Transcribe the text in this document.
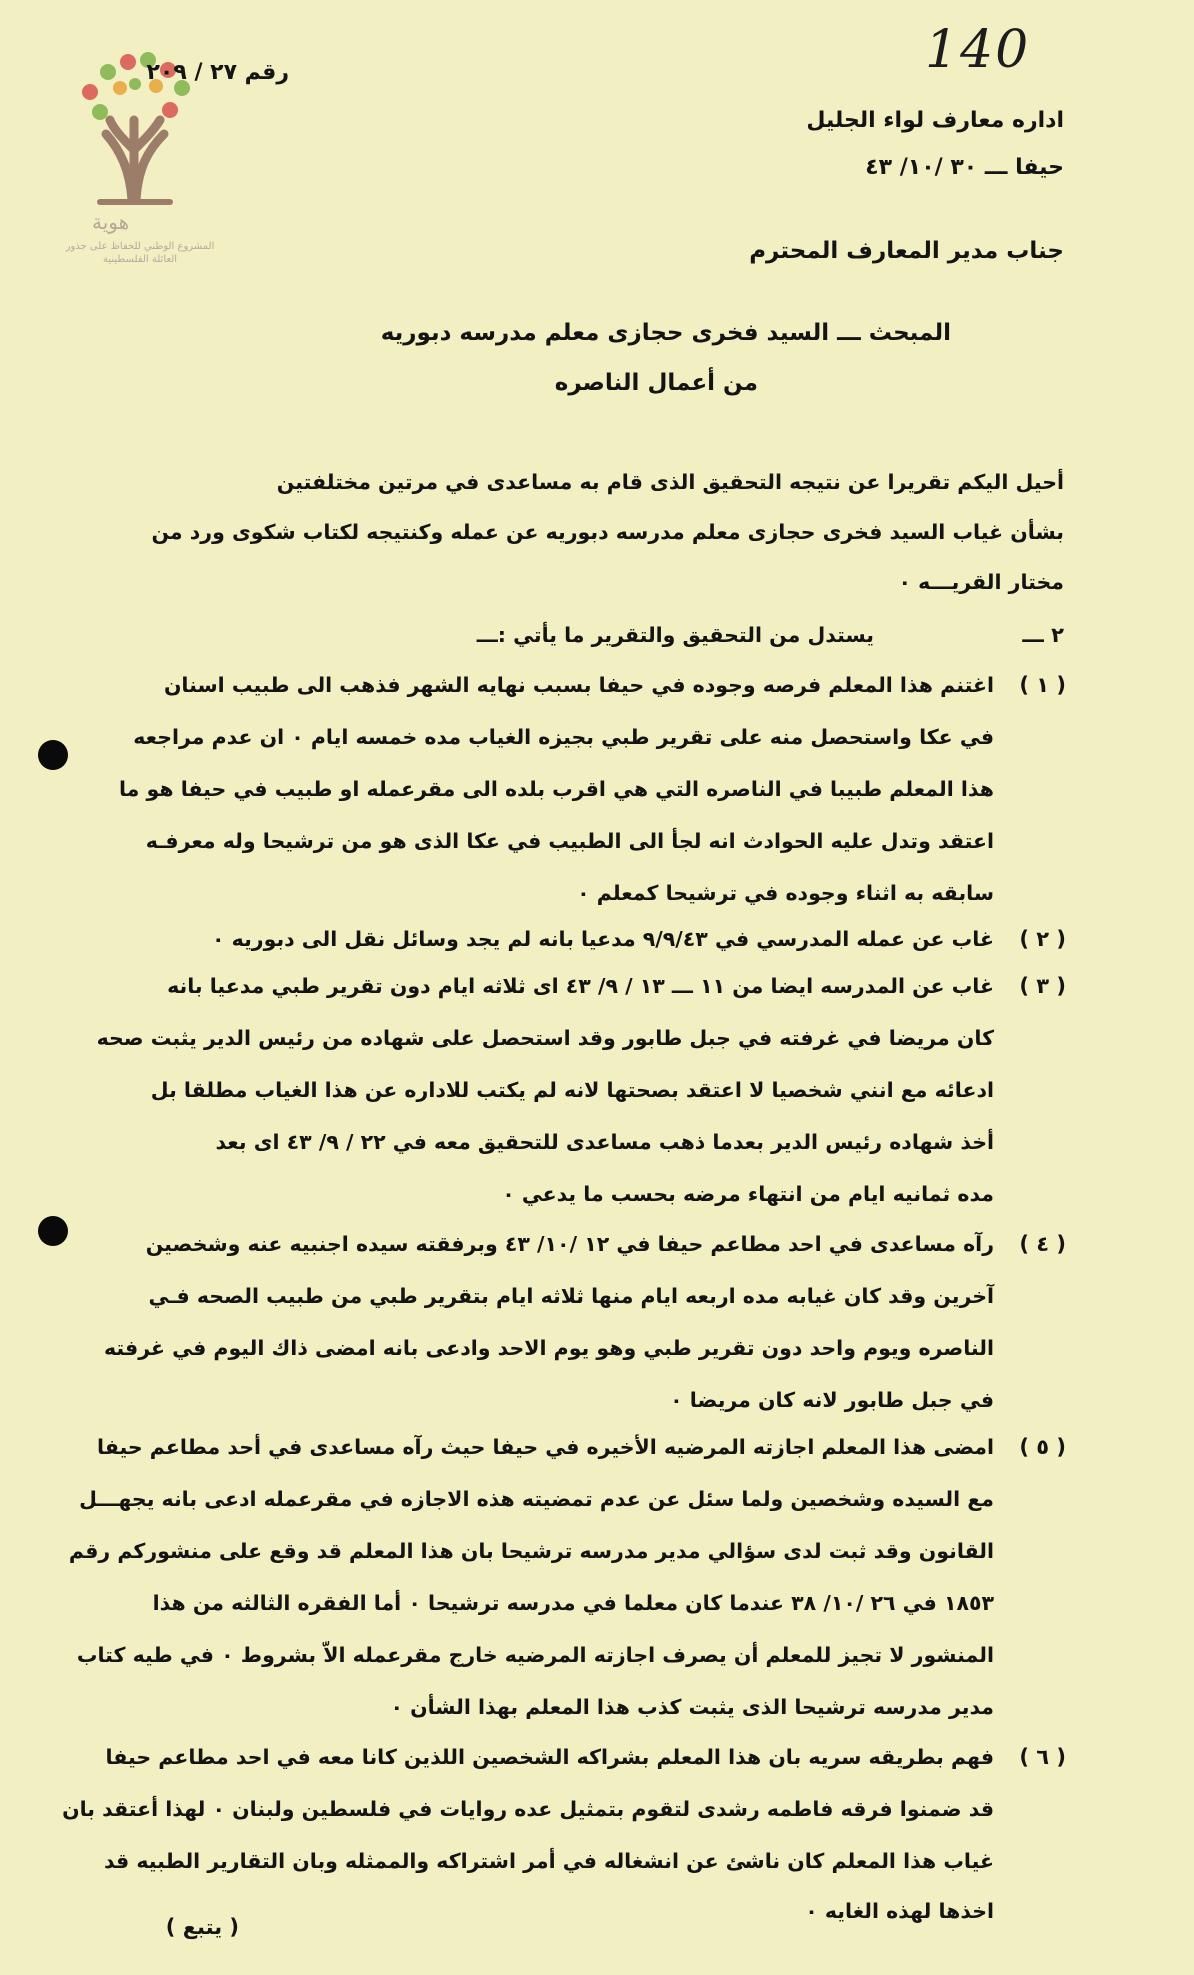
هوية
المشروع الوطني للحفاظ على جذور العائلة الفلسطينية
140
رقم ٢٧ / ٢٠٩
اداره معارف لواء الجليل
حيفا ـــ ٣٠ /١٠/ ٤٣
جناب مدير المعارف المحترم
المبحث ـــ السيد فخرى حجازى معلم مدرسه دبوريه
من أعمال الناصره
أحيل اليكم تقريرا عن نتيجه التحقيق الذى قام به مساعدى في مرتين مختلفتين
بشأن غياب السيد فخرى حجازى معلم مدرسه دبوريه عن عمله وكنتيجه لكتاب شكوى ورد من
مختار القريـــه ٠
٢ ـــ
يستدل من التحقيق والتقرير ما يأتي :ـــ
( ١ )
اغتنم هذا المعلم فرصه وجوده في حيفا بسبب نهايه الشهر فذهب الى طبيب اسنان
في عكا واستحصل منه على تقرير طبي بجيزه الغياب مده خمسه ايام ٠ ان عدم مراجعه
هذا المعلم طبيبا في الناصره التي هي اقرب بلده الى مقرعمله او طبيب في حيفا هو ما
اعتقد وتدل عليه الحوادث انه لجأ الى الطبيب في عكا الذى هو من ترشيحا وله معرفـه
سابقه به اثناء وجوده في ترشيحا كمعلم ٠
( ٢ )
غاب عن عمله المدرسي في ٩/٩/٤٣ مدعيا بانه لم يجد وسائل نقل الى دبوريه ٠
( ٣ )
غاب عن المدرسه ايضا من ١١ ـــ ١٣ / ٩/ ٤٣ اى ثلاثه ايام دون تقرير طبي مدعيا بانه
كان مريضا في غرفته في جبل طابور وقد استحصل على شهاده من رئيس الدير يثبت صحه
ادعائه مع انني شخصيا لا اعتقد بصحتها لانه لم يكتب للاداره عن هذا الغياب مطلقا بل
أخذ شهاده رئيس الدير بعدما ذهب مساعدى للتحقيق معه في ٢٢ / ٩/ ٤٣ اى بعد
مده ثمانيه ايام من انتهاء مرضه بحسب ما يدعي ٠
( ٤ )
رآه مساعدى في احد مطاعم حيفا في ١٢ /١٠/ ٤٣ وبرفقته سيده اجنبيه عنه وشخصين
آخرين وقد كان غيابه مده اربعه ايام منها ثلاثه ايام بتقرير طبي من طبيب الصحه فـي
الناصره ويوم واحد دون تقرير طبي وهو يوم الاحد وادعى بانه امضى ذاك اليوم في غرفته
في جبل طابور لانه كان مريضا ٠
( ٥ )
امضى هذا المعلم اجازته المرضيه الأخيره في حيفا حيث رآه مساعدى في أحد مطاعم حيفا
مع السيده وشخصين ولما سئل عن عدم تمضيته هذه الاجازه في مقرعمله ادعى بانه يجهـــل
القانون وقد ثبت لدى سؤالي مدير مدرسه ترشيحا بان هذا المعلم قد وقع على منشوركم رقم
١٨٥٣ في ٢٦ /١٠/ ٣٨ عندما كان معلما في مدرسه ترشيحا ٠ أما الفقره الثالثه من هذا
المنشور لا تجيز للمعلم أن يصرف اجازته المرضيه خارج مقرعمله الاّ بشروط ٠ في طيه كتاب
مدير مدرسه ترشيحا الذى يثبت كذب هذا المعلم بهذا الشأن ٠
( ٦ )
فهم بطريقه سريه بان هذا المعلم بشراكه الشخصين اللذين كانا معه في احد مطاعم حيفا
قد ضمنوا فرقه فاطمه رشدى لتقوم بتمثيل عده روايات في فلسطين ولبنان ٠ لهذا أعتقد بان
غياب هذا المعلم كان ناشئ عن انشغاله في أمر اشتراكه والممثله وبان التقارير الطبيه قد
اخذها لهذه الغايه ٠
( يتبع )
